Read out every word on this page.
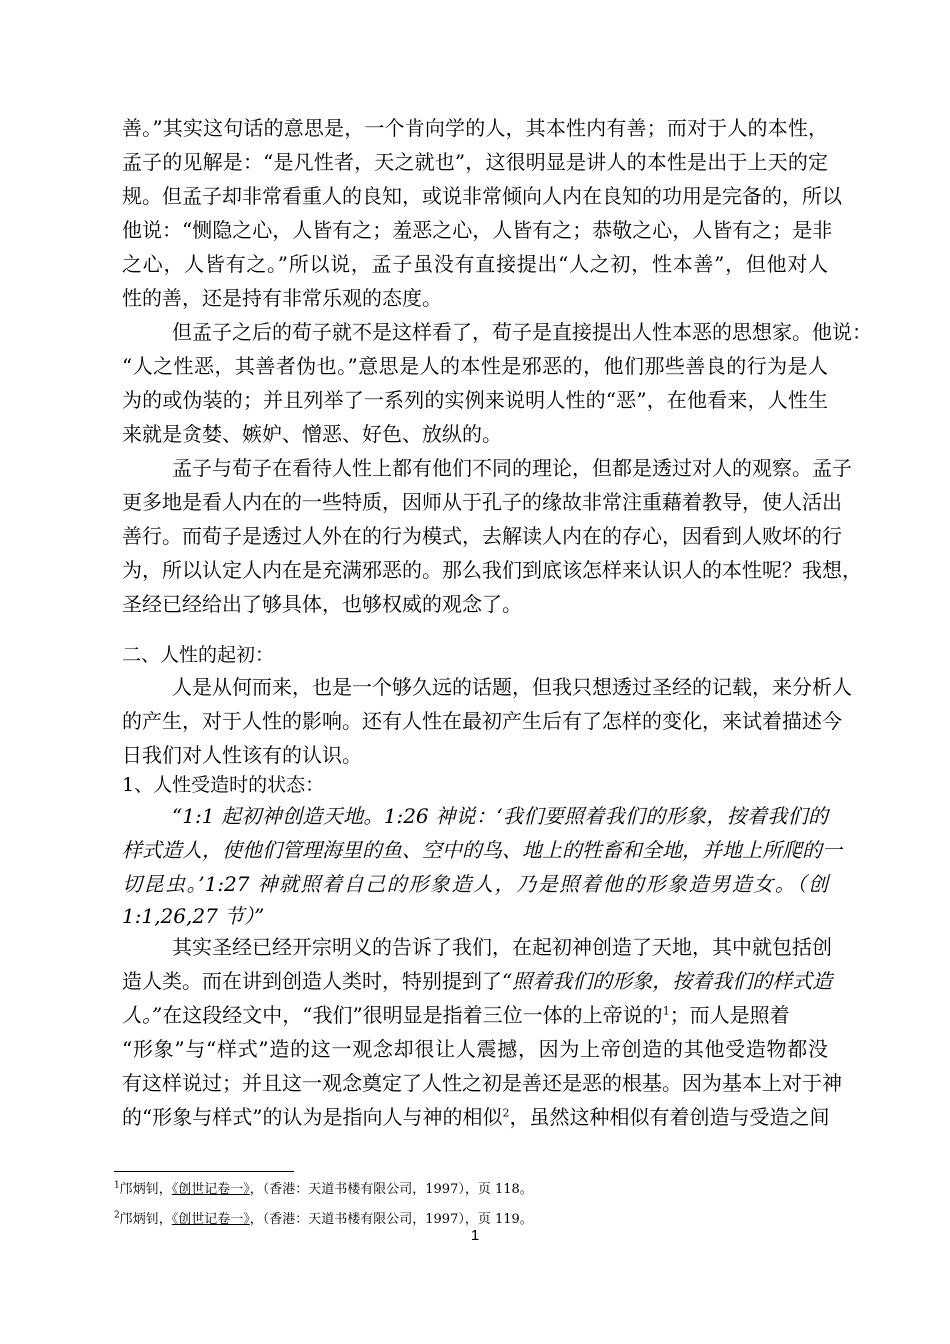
善。”其实这句话的意思是，一个肯向学的人，其本性内有善；而对于人的本性，
孟子的见解是：“是凡性者，天之就也”，这很明显是讲人的本性是出于上天的定
规。但孟子却非常看重人的良知，或说非常倾向人内在良知的功用是完备的，所以
他说：“恻隐之心，人皆有之；羞恶之心，人皆有之；恭敬之心，人皆有之；是非
之心，人皆有之。”所以说，孟子虽没有直接提出“人之初，性本善”，但他对人
性的善，还是持有非常乐观的态度。
但孟子之后的荀子就不是这样看了，荀子是直接提出人性本恶的思想家。他说：
“人之性恶，其善者伪也。”意思是人的本性是邪恶的，他们那些善良的行为是人
为的或伪装的；并且列举了一系列的实例来说明人性的“恶”，在他看来，人性生
来就是贪婪、嫉妒、憎恶、好色、放纵的。
孟子与荀子在看待人性上都有他们不同的理论，但都是透过对人的观察。孟子
更多地是看人内在的一些特质，因师从于孔子的缘故非常注重藉着教导，使人活出
善行。而荀子是透过人外在的行为模式，去解读人内在的存心，因看到人败坏的行
为，所以认定人内在是充满邪恶的。那么我们到底该怎样来认识人的本性呢？我想，
圣经已经给出了够具体，也够权威的观念了。
二、人性的起初：
人是从何而来，也是一个够久远的话题，但我只想透过圣经的记载，来分析人
的产生，对于人性的影响。还有人性在最初产生后有了怎样的变化，来试着描述今
日我们对人性该有的认识。
1、人性受造时的状态：
“1:1 起初神创造天地。1:26 神说：‘我们要照着我们的形象，按着我们的
样式造人，使他们管理海里的鱼、空中的鸟、地上的牲畜和全地，并地上所爬的一
切昆虫。’1:27 神就照着自己的形象造人，乃是照着他的形象造男造女。（创
1:1,26,27 节）”
其实圣经已经开宗明义的告诉了我们，在起初神创造了天地，其中就包括创
造人类。而在讲到创造人类时，特别提到了“照着我们的形象，按着我们的样式造
人。”在这段经文中，“我们”很明显是指着三位一体的上帝说的$^1$；而人是照着
“形象”与“样式”造的这一观念却很让人震撼，因为上帝创造的其他受造物都没
有这样说过；并且这一观念奠定了人性之初是善还是恶的根基。因为基本上对于神
的“形象与样式”的认为是指向人与神的相似$^2$，虽然这种相似有着创造与受造之间
$^1$邝炳钊，《创世记卷一》，（香港：天道书楼有限公司，1997），页 118。
$^2$邝炳钊，《创世记卷一》，（香港：天道书楼有限公司，1997），页 119。
1
